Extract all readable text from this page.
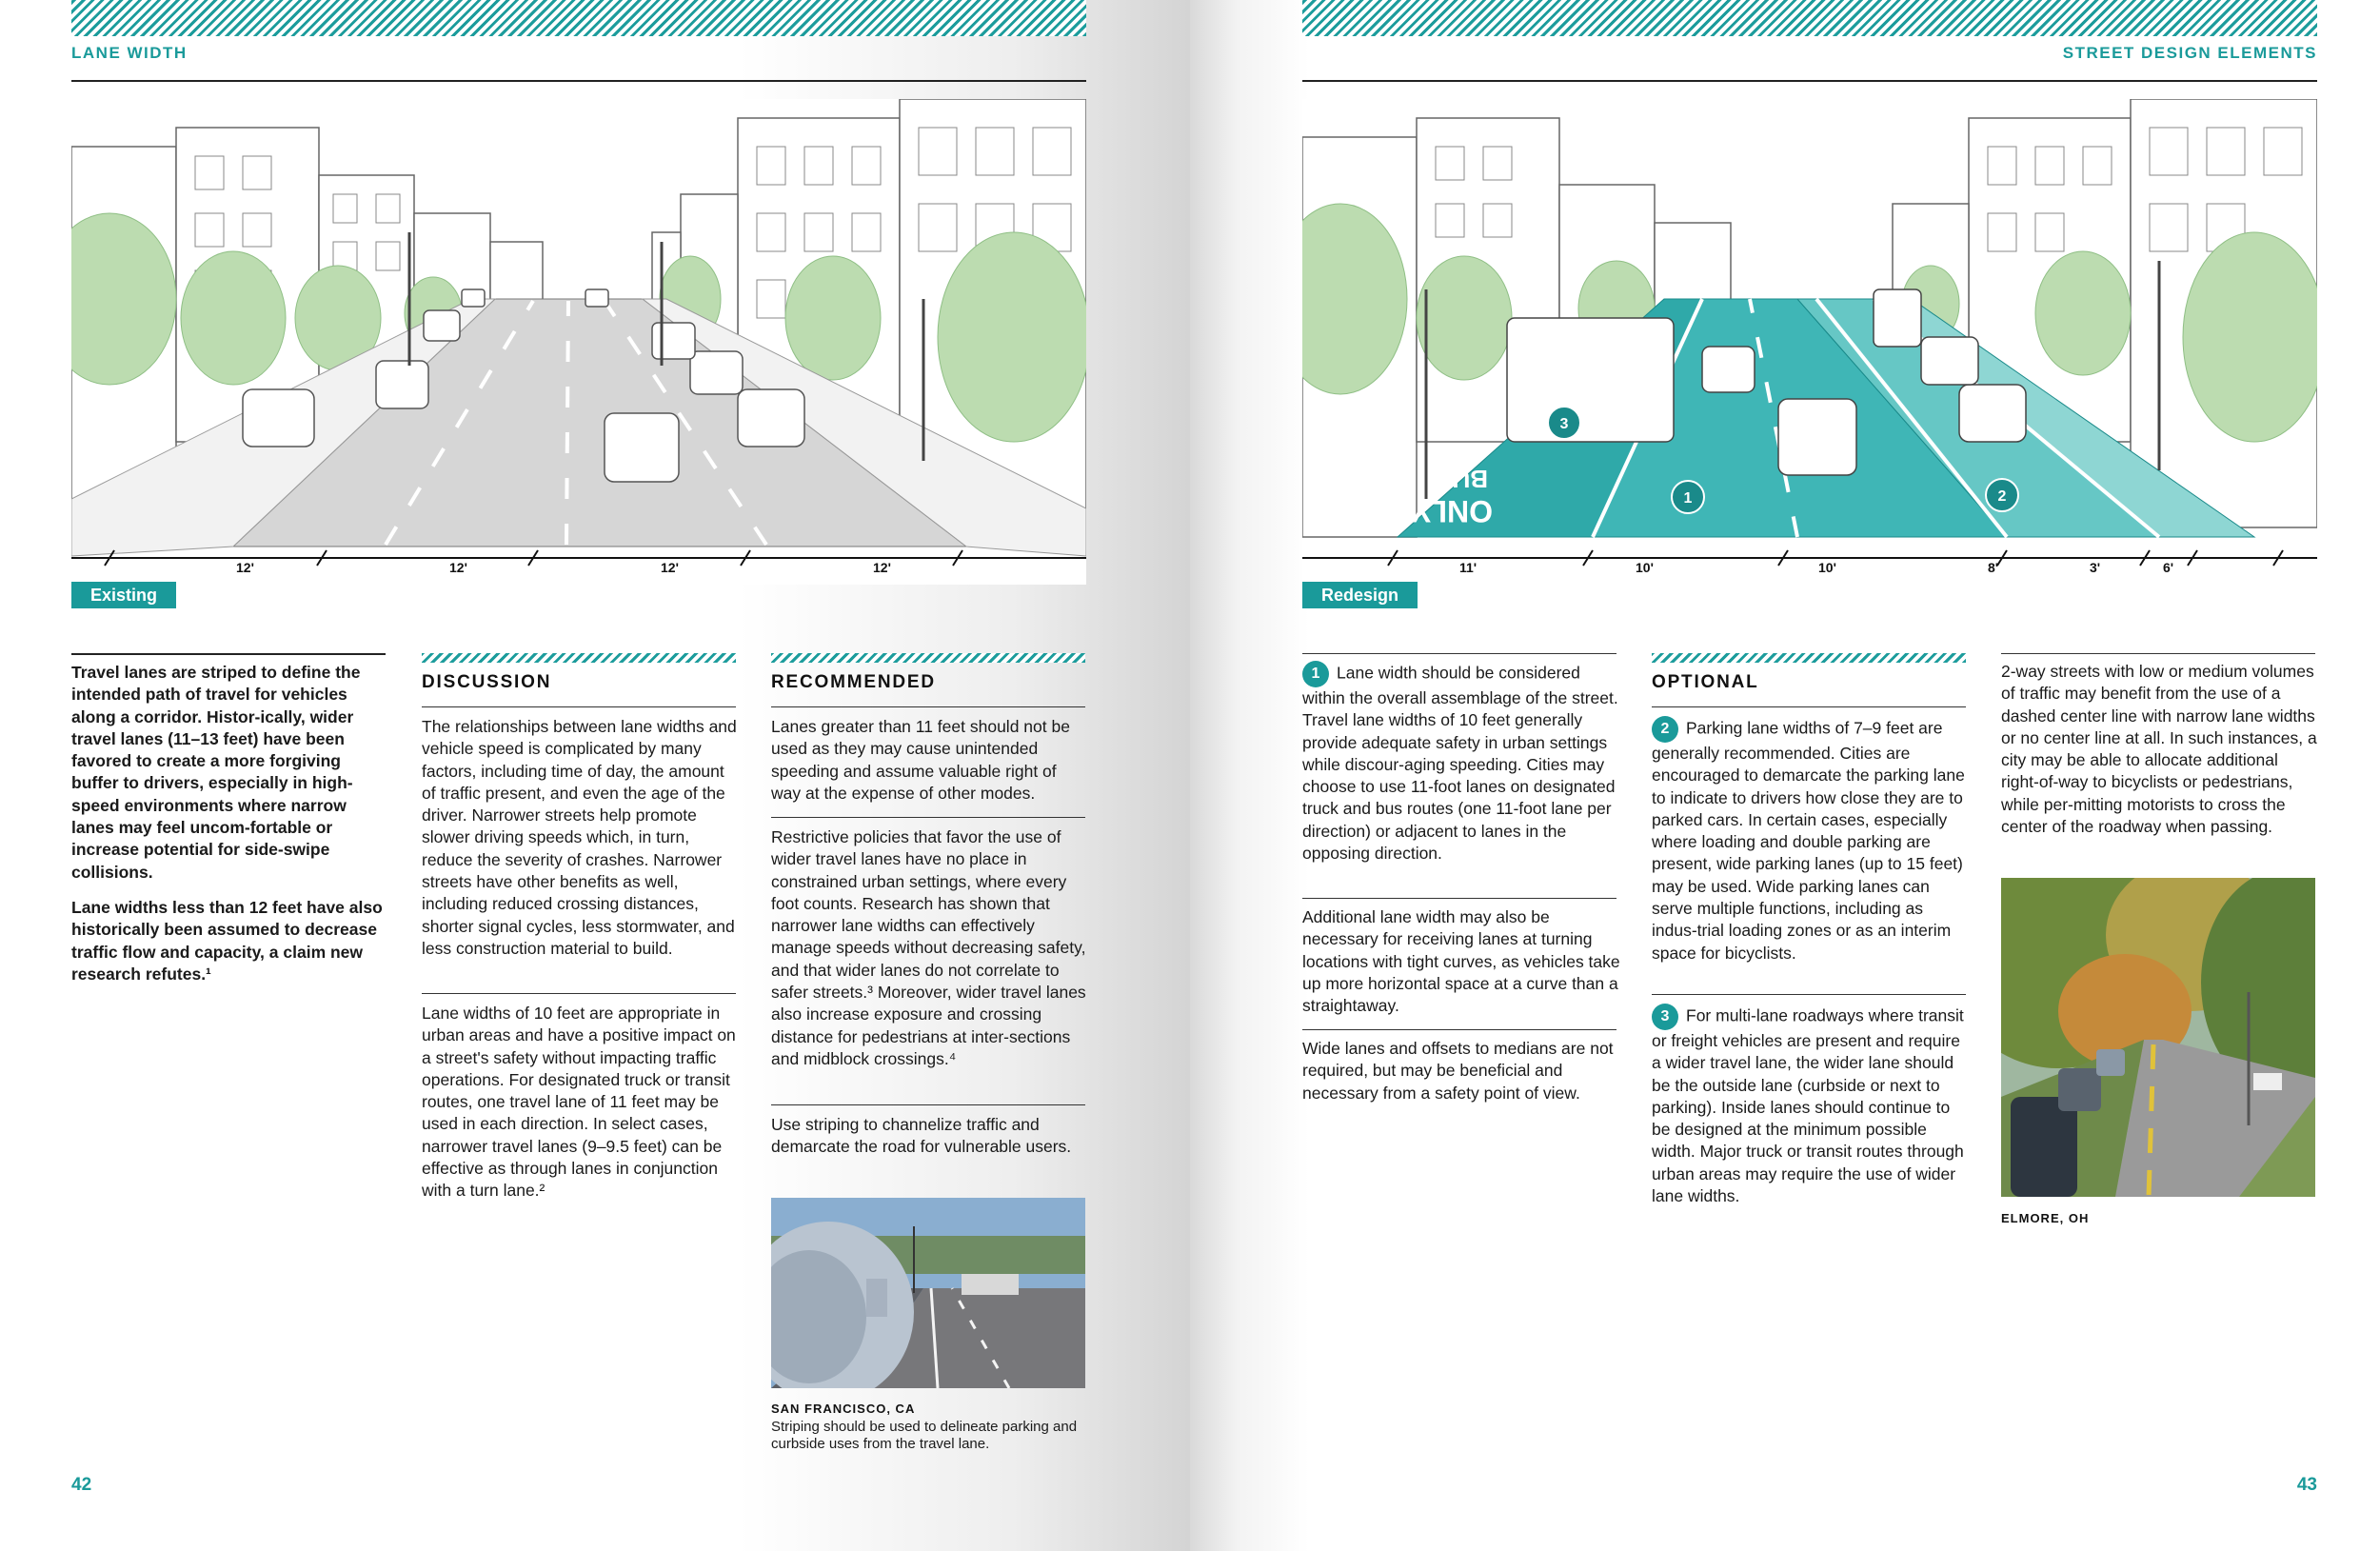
LANE WIDTH
12'	12'	12'	12'
Existing

Travel lanes are striped to define the intended path of travel for vehicles along a corridor. Histor-ically, wider travel lanes (11–13 feet) have been favored to create a more forgiving buffer to drivers, especially in high-speed environments where narrow lanes may feel uncom-fortable or increase potential for side-swipe collisions.

Lane widths less than 12 feet have also historically been assumed to decrease traffic flow and capacity, a claim new research refutes.¹

DISCUSSION

The relationships between lane widths and vehicle speed is complicated by many factors, including time of day, the amount of traffic present, and even the age of the driver. Narrower streets help promote slower driving speeds which, in turn, reduce the severity of crashes. Narrower streets have other benefits as well, including reduced crossing distances, shorter signal cycles, less stormwater, and less construction material to build.

Lane widths of 10 feet are appropriate in urban areas and have a positive impact on a street's safety without impacting traffic operations. For designated truck or transit routes, one travel lane of 11 feet may be used in each direction. In select cases, narrower travel lanes (9–9.5 feet) can be effective as through lanes in conjunction with a turn lane.²

RECOMMENDED

Lanes greater than 11 feet should not be used as they may cause unintended speeding and assume valuable right of way at the expense of other modes.

Restrictive policies that favor the use of wider travel lanes have no place in constrained urban settings, where every foot counts. Research has shown that narrower lane widths can effectively manage speeds without decreasing safety, and that wider lanes do not correlate to safer streets.³ Moreover, wider travel lanes also increase exposure and crossing distance for pedestrians at inter-sections and midblock crossings.⁴

Use striping to channelize traffic and demarcate the road for vulnerable users.

SAN FRANCISCO, CA
Striping should be used to delineate parking and curbside uses from the travel lane.
42
STREET DESIGN ELEMENTS
ONLY
BUS
3
1	2
11'	10'	10'	8'	3'	6'
Redesign

1 Lane width should be considered within the overall assemblage of the street. Travel lane widths of 10 feet generally provide adequate safety in urban settings while discour-aging speeding. Cities may choose to use 11-foot lanes on designated truck and bus routes (one 11-foot lane per direction) or adjacent to lanes in the opposing direction.

Additional lane width may also be necessary for receiving lanes at turning locations with tight curves, as vehicles take up more horizontal space at a curve than a straightaway.

Wide lanes and offsets to medians are not required, but may be beneficial and necessary from a safety point of view.

OPTIONAL

2 Parking lane widths of 7–9 feet are generally recommended. Cities are encouraged to demarcate the parking lane to indicate to drivers how close they are to parked cars. In certain cases, especially where loading and double parking are present, wide parking lanes (up to 15 feet) may be used. Wide parking lanes can serve multiple functions, including as indus-trial loading zones or as an interim space for bicyclists.

3 For multi-lane roadways where transit or freight vehicles are present and require a wider travel lane, the wider lane should be the outside lane (curbside or next to parking). Inside lanes should continue to be designed at the minimum possible width. Major truck or transit routes through urban areas may require the use of wider lane widths.

2-way streets with low or medium volumes of traffic may benefit from the use of a dashed center line with narrow lane widths or no center line at all. In such instances, a city may be able to allocate additional right-of-way to bicyclists or pedestrians, while per-mitting motorists to cross the center of the roadway when passing.

ELMORE, OH
43
